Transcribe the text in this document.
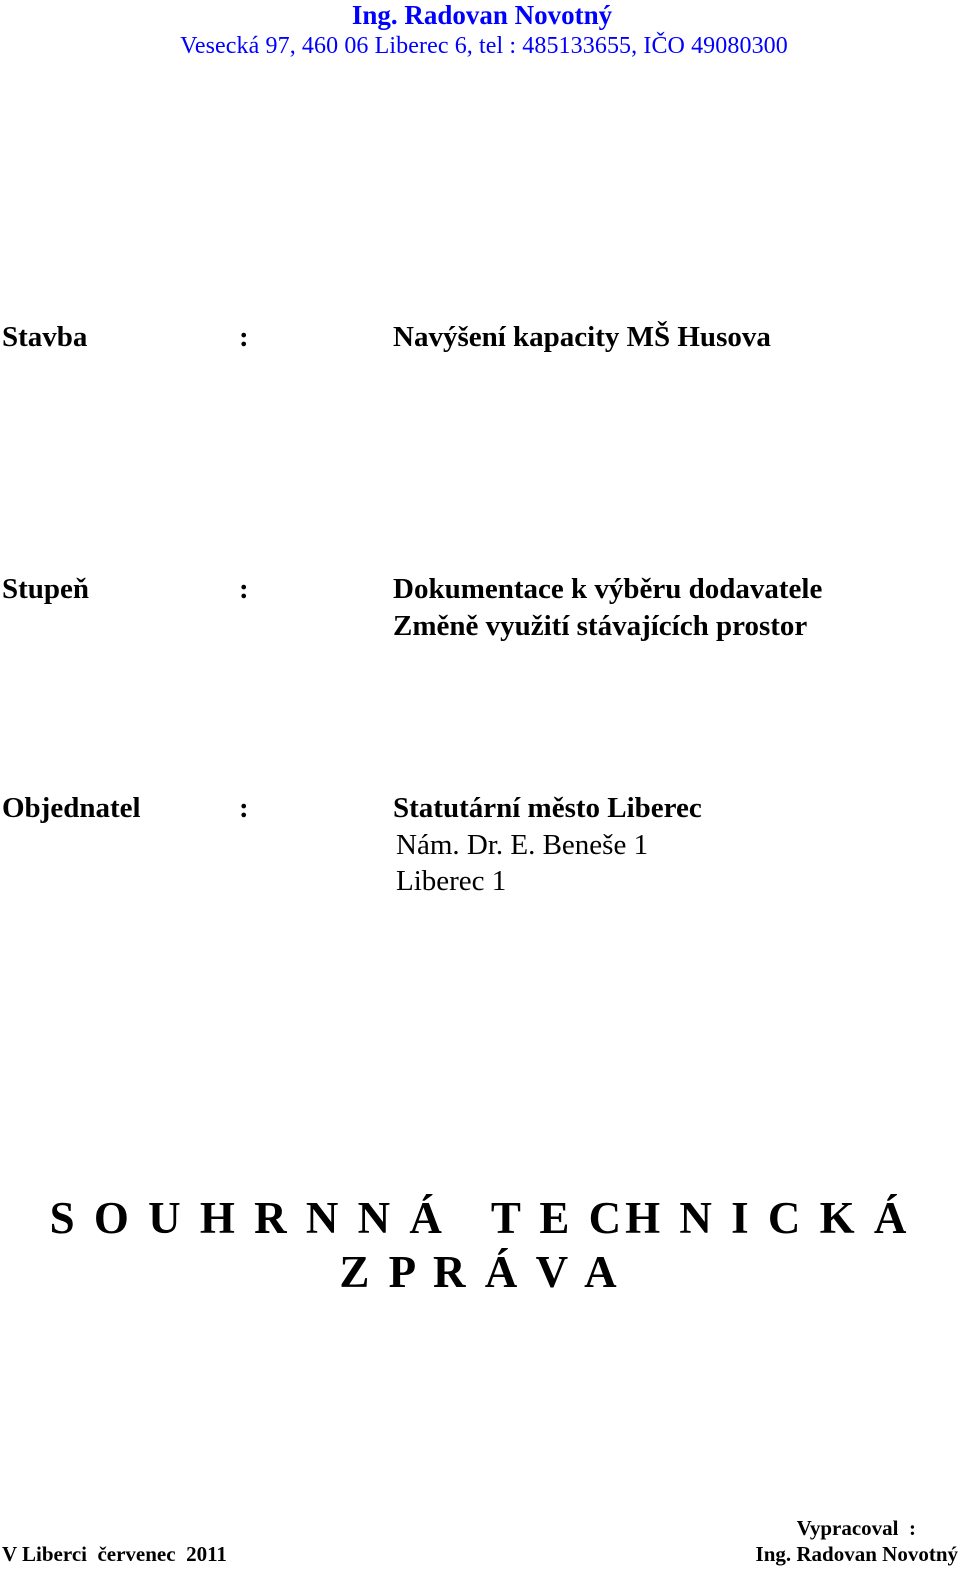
Ing. Radovan Novotný
Vesecká 97, 460 06 Liberec 6, tel : 485133655, IČO 49080300
Stavba	:	Navýšení kapacity MŠ Husova
Stupeň	:	Dokumentace k výběru dodavatele
Změně využití stávajících prostor
Objednatel	:	Statutární město Liberec
Nám. Dr. E. Beneše 1
Liberec 1
S O U H R N N Á   T E CH N I C K Á
Z P R Á V A
V Liberci  červenec  2011
Vypracoval  :
Ing. Radovan Novotný
